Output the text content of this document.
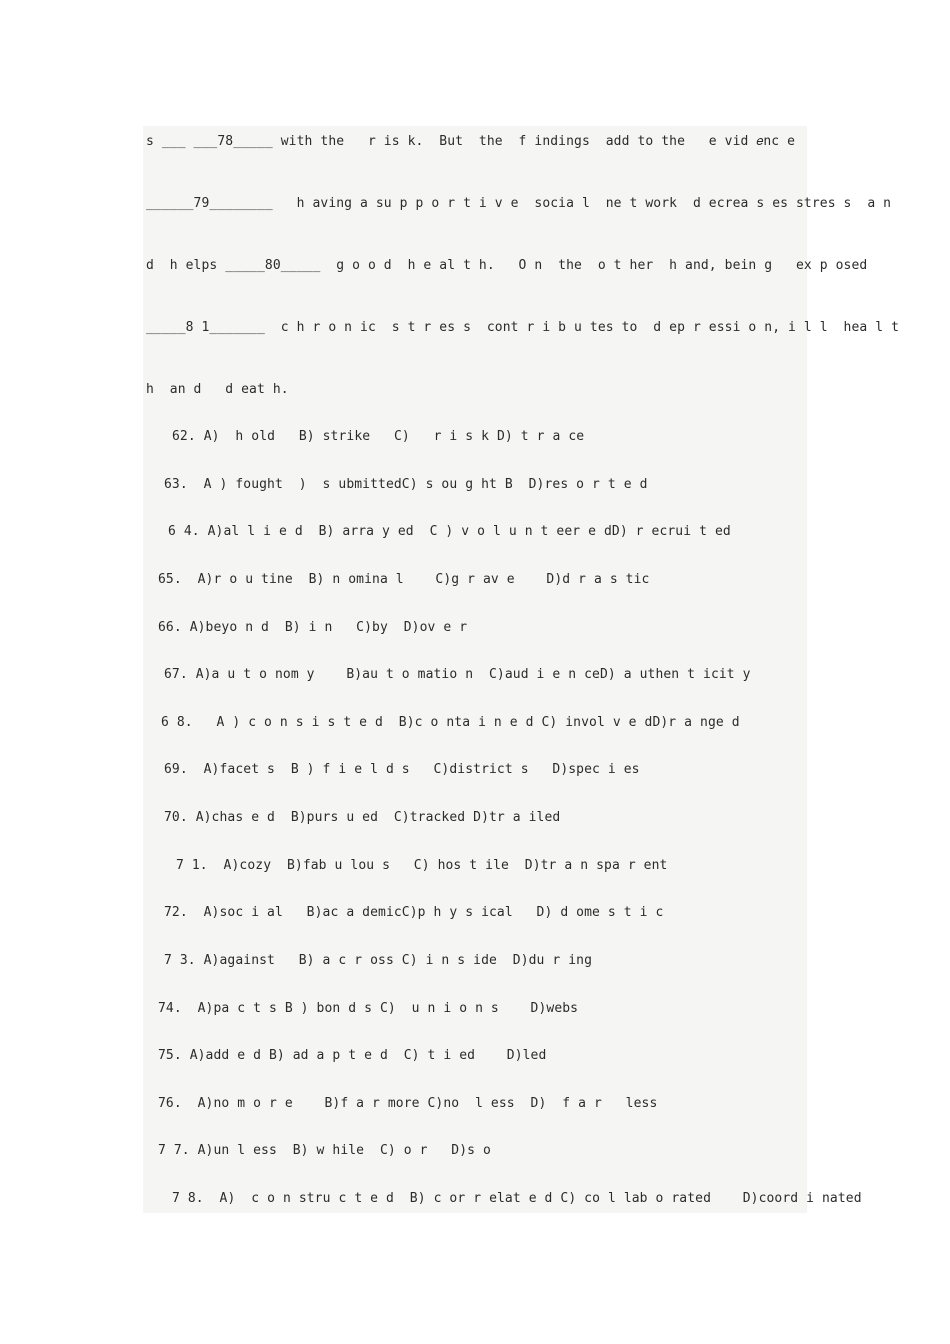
s ___ ___78_____ with the   r is k.  But  the  f indings  add to the   e vid 𝑒nc e
______79________   h aving a su p p o r t i v e  socia l  ne t work  d ecrea s es stres s  a n
d  h elps _____80_____  g o o d  h e al t h.   O n  the  o t her  h and, bein g   ex p osed
_____8 1_______  c h r o n ic  s t r es s  cont r i b u tes to  d ep r essi o n, i l l  hea l t
h  an d   d eat h.
62. A)  h old   B) strike   C)   r i s k D) t r a ce
63.  A ) fought  )  s ubmittedC) s ou g ht B  D)res o r t e d
6 4. A)al l i e d  B) arra y ed  C ) v o l u n t eer e dD) r ecrui t ed
65.  A)r o u tine  B) n omina l    C)g r av e    D)d r a s tic
66. A)beyo n d  B) i n   C)by  D)ov e r
67. A)a u t o nom y    B)au t o matio n  C)aud i e n ceD) a uthen t icit y
6 8.   A ) c o n s i s t e d  B)c o nta i n e d C) invol v e dD)r a nge d
69.  A)facet s  B ) f i e l d s   C)district s   D)spec i es
70. A)chas e d  B)purs u ed  C)tracked D)tr a iled
7 1.  A)cozy  B)fab u lou s   C) hos t ile  D)tr a n spa r ent
72.  A)soc i al   B)ac a demicC)p h y s ical   D) d ome s t i c
7 3. A)against   B) a c r oss C) i n s ide  D)du r ing
74.  A)pa c t s B ) bon d s C)  u n i o n s    D)webs
75. A)add e d B) ad a p t e d  C) t i ed    D)led
76.  A)no m o r e    B)f a r more C)no  l ess  D)  f a r   less
7 7. A)un l ess  B) w hile  C) o r   D)s o
7 8.  A)  c o n stru c t e d  B) c or r elat e d C) co l lab o rated    D)coord i nated
